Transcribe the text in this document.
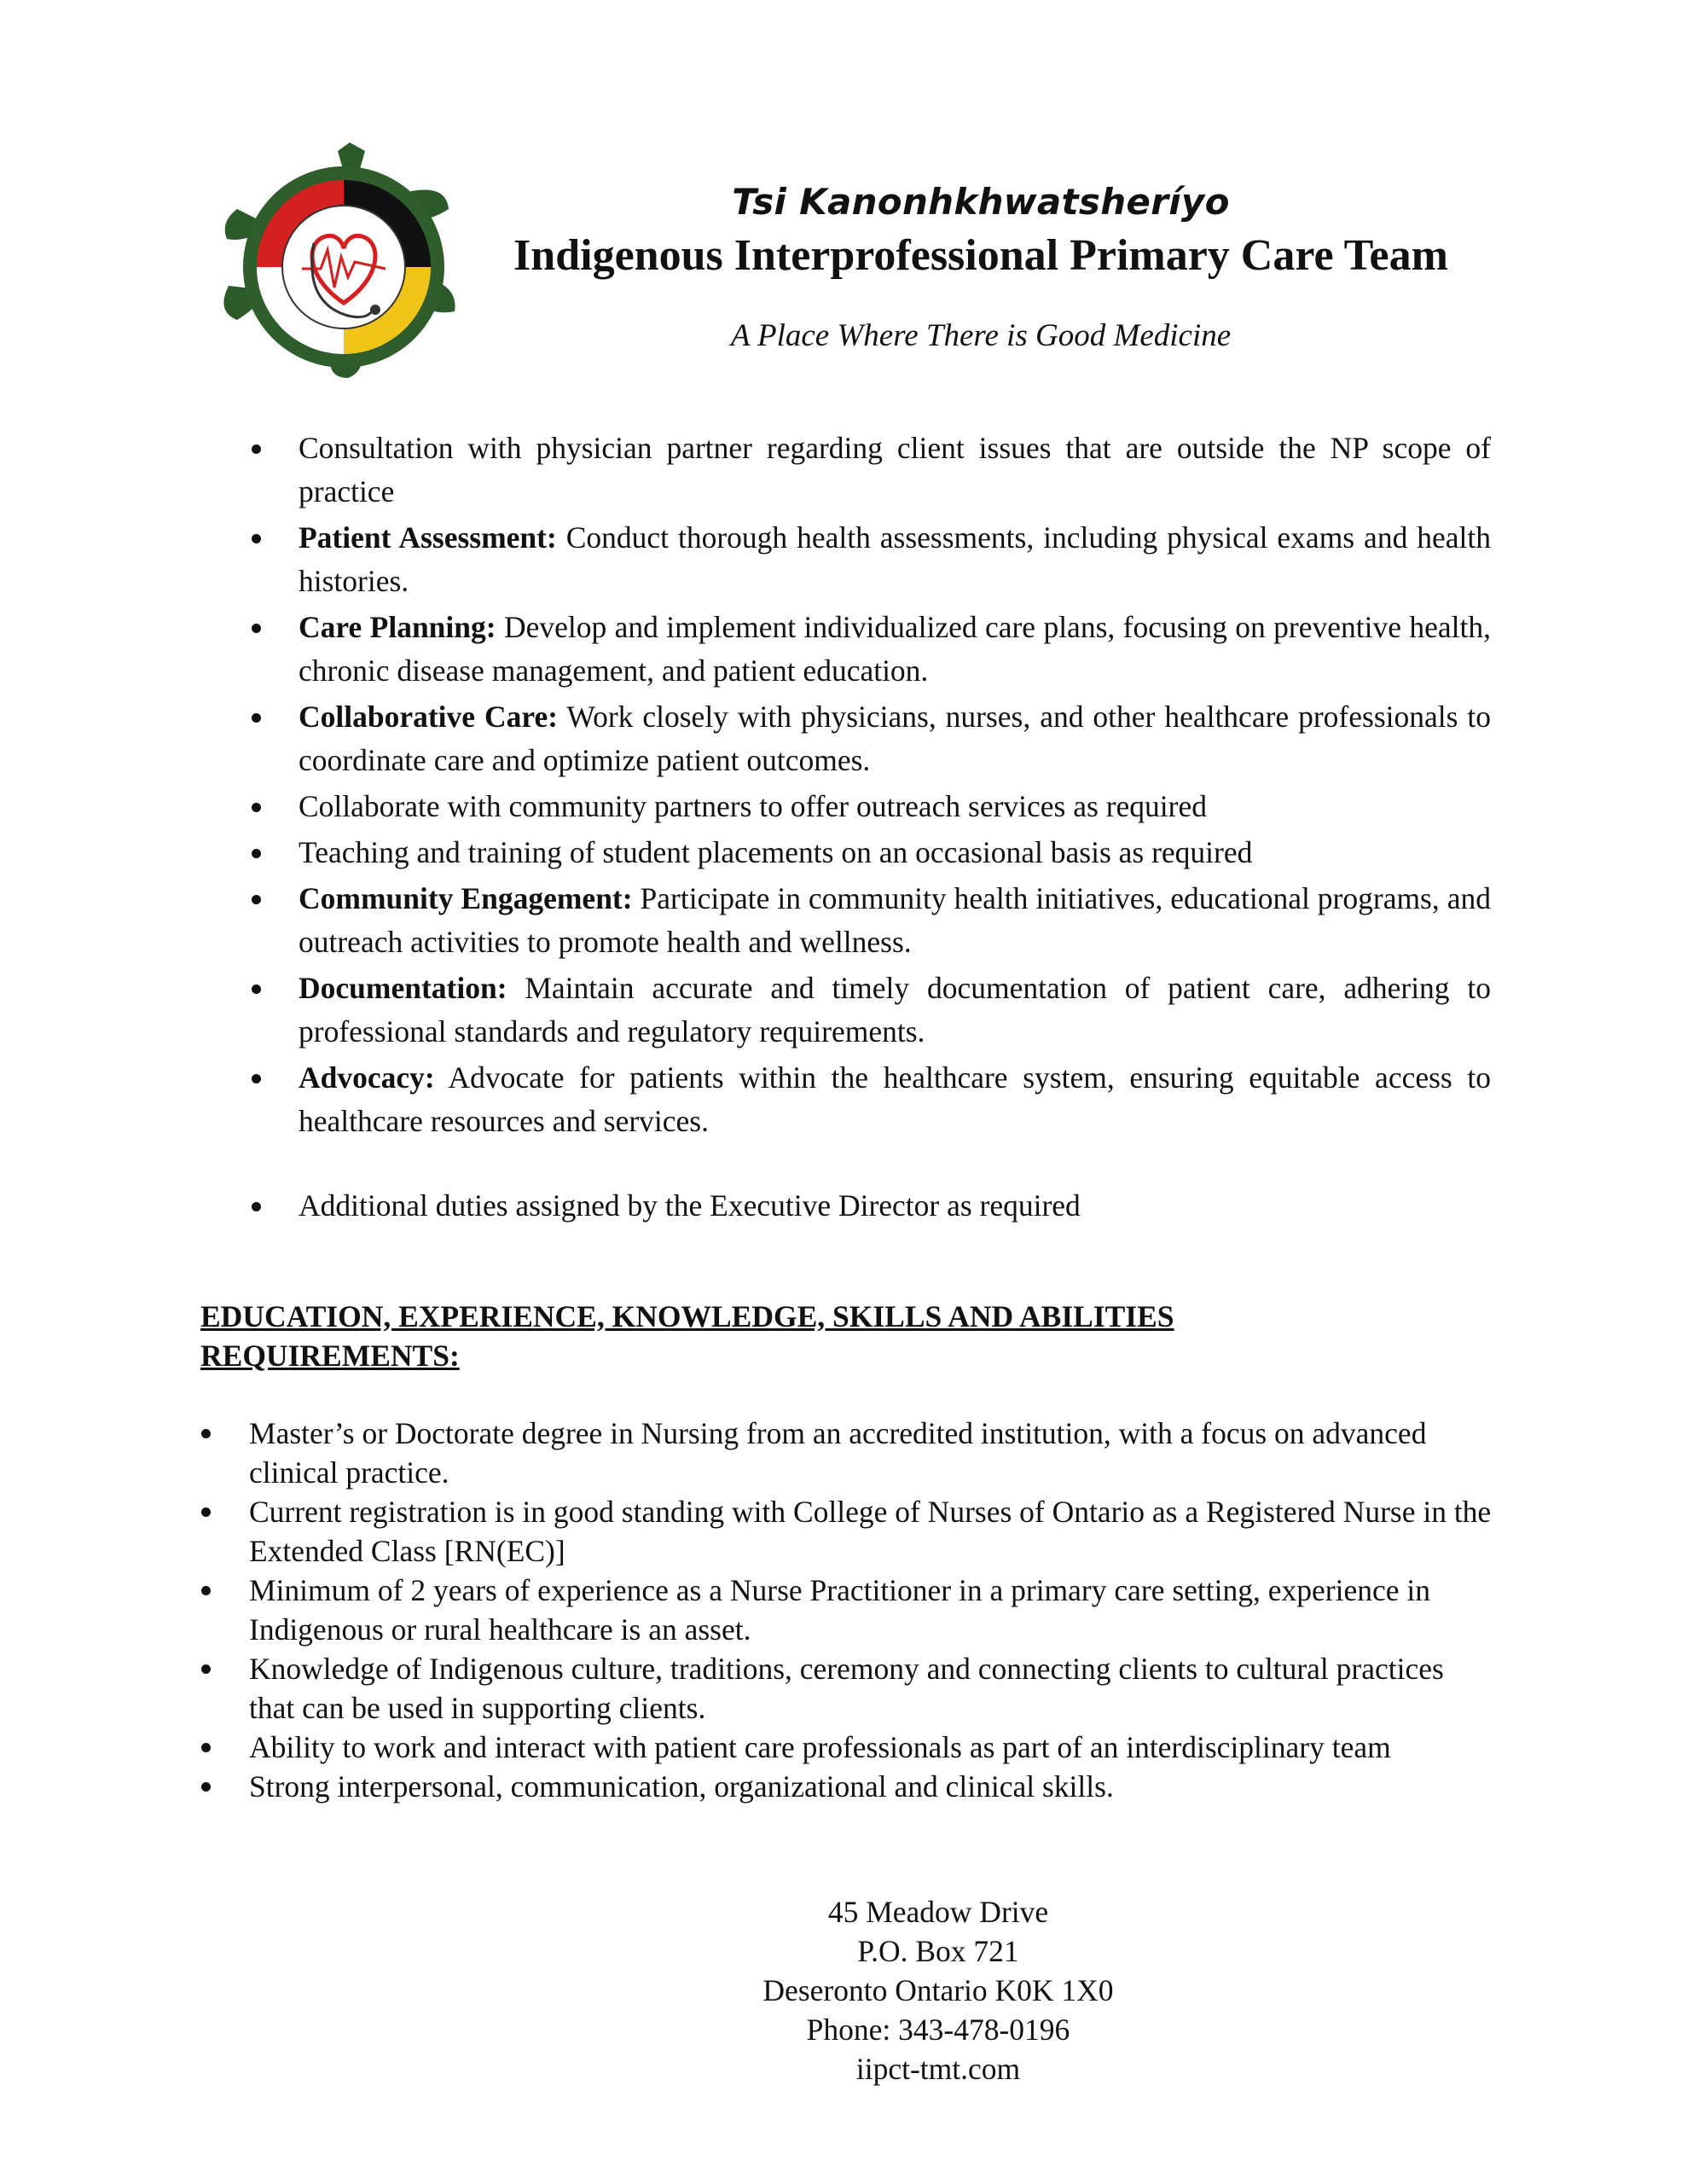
Tsi Kanonhkhwatsheríyo
Indigenous Interprofessional Primary Care Team
A Place Where There is Good Medicine
Consultation with physician partner regarding client issues that are outside the NP scope of practice
Patient Assessment: Conduct thorough health assessments, including physical exams and health histories.
Care Planning: Develop and implement individualized care plans, focusing on preventive health, chronic disease management, and patient education.
Collaborative Care: Work closely with physicians, nurses, and other healthcare professionals to coordinate care and optimize patient outcomes.
Collaborate with community partners to offer outreach services as required
Teaching and training of student placements on an occasional basis as required
Community Engagement: Participate in community health initiatives, educational programs, and outreach activities to promote health and wellness.
Documentation: Maintain accurate and timely documentation of patient care, adhering to professional standards and regulatory requirements.
Advocacy: Advocate for patients within the healthcare system, ensuring equitable access to healthcare resources and services.
Additional duties assigned by the Executive Director as required
EDUCATION, EXPERIENCE, KNOWLEDGE, SKILLS AND ABILITIES REQUIREMENTS:
Master’s or Doctorate degree in Nursing from an accredited institution, with a focus on advanced clinical practice.
Current registration is in good standing with College of Nurses of Ontario as a Registered Nurse in the Extended Class [RN(EC)]
Minimum of 2 years of experience as a Nurse Practitioner in a primary care setting, experience in Indigenous or rural healthcare is an asset.
Knowledge of Indigenous culture, traditions, ceremony and connecting clients to cultural practices that can be used in supporting clients.
Ability to work and interact with patient care professionals as part of an interdisciplinary team
Strong interpersonal, communication, organizational and clinical skills.
45 Meadow Drive
P.O. Box 721
Deseronto Ontario K0K 1X0
Phone: 343-478-0196
iipct-tmt.com
